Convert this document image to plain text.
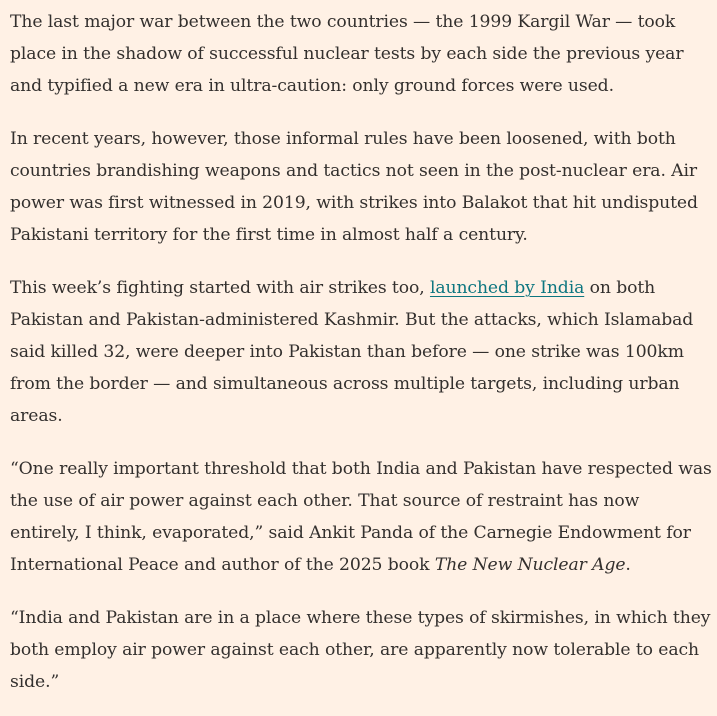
The last major war between the two countries — the 1999 Kargil War — took place in the shadow of successful nuclear tests by each side the previous year and typified a new era in ultra-caution: only ground forces were used.

In recent years, however, those informal rules have been loosened, with both countries brandishing weapons and tactics not seen in the post-nuclear era. Air power was first witnessed in 2019, with strikes into Balakot that hit undisputed Pakistani territory for the first time in almost half a century.

This week’s fighting started with air strikes too, launched by India on both Pakistan and Pakistan-administered Kashmir. But the attacks, which Islamabad said killed 32, were deeper into Pakistan than before — one strike was 100km from the border — and simultaneous across multiple targets, including urban areas.

“One really important threshold that both India and Pakistan have respected was the use of air power against each other. That source of restraint has now entirely, I think, evaporated,” said Ankit Panda of the Carnegie Endowment for International Peace and author of the 2025 book The New Nuclear Age.

“India and Pakistan are in a place where these types of skirmishes, in which they both employ air power against each other, are apparently now tolerable to each side.”
